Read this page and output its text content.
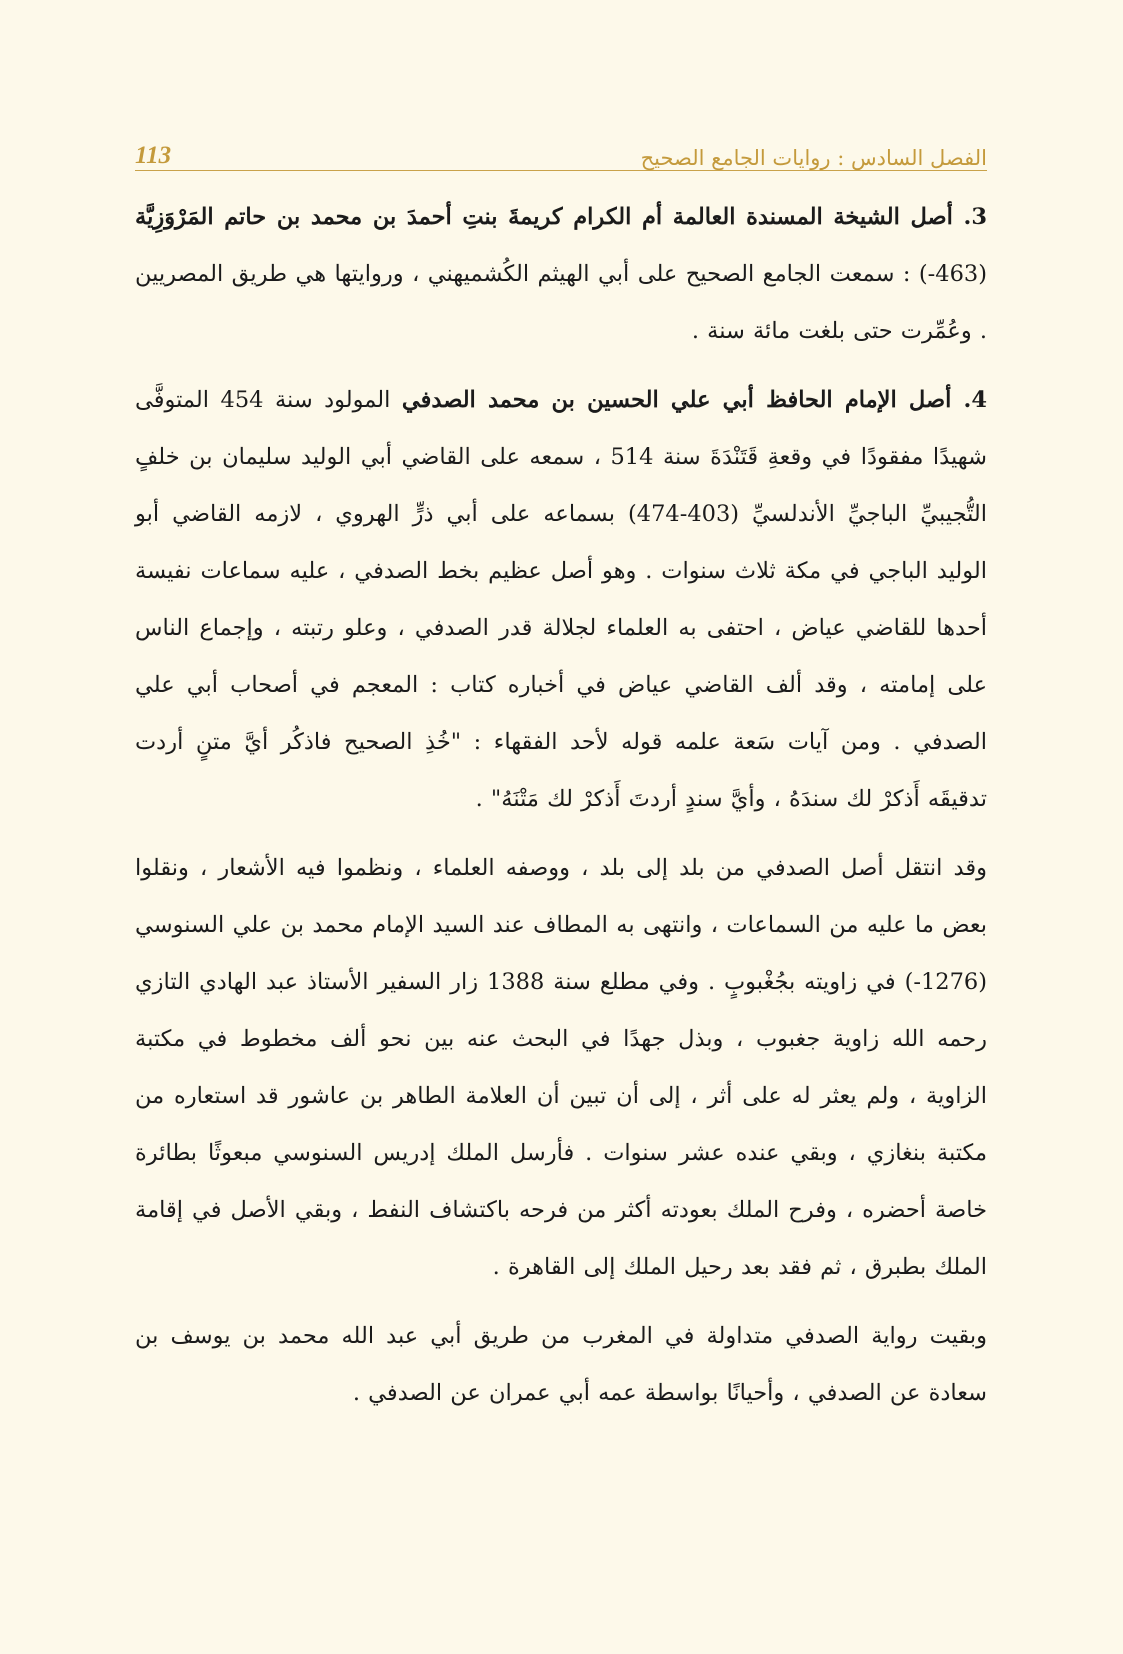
الفصل السادس : روايات الجامع الصحيح
113

3. أصل الشيخة المسندة العالمة أم الكرام كريمةَ بنتِ أحمدَ بن محمد بن حاتم المَرْوَزِيَّة (463-) : سمعت الجامع الصحيح على أبي الهيثم الكُشميهني ، وروايتها هي طريق المصريين . وعُمِّرت حتى بلغت مائة سنة .

4. أصل الإمام الحافظ أبي علي الحسين بن محمد الصدفي المولود سنة 454 المتوفَّى شهيدًا مفقودًا في وقعةِ قَتَنْدَةَ سنة 514 ، سمعه على القاضي أبي الوليد سليمان بن خلفٍ التُّجيبيِّ الباجيِّ الأندلسيِّ (403-474) بسماعه على أبي ذرٍّ الهروي ، لازمه القاضي أبو الوليد الباجي في مكة ثلاث سنوات . وهو أصل عظيم بخط الصدفي ، عليه سماعات نفيسة أحدها للقاضي عياض ، احتفى به العلماء لجلالة قدر الصدفي ، وعلو رتبته ، وإجماع الناس على إمامته ، وقد ألف القاضي عياض في أخباره كتاب : المعجم في أصحاب أبي علي الصدفي . ومن آيات سَعة علمه قوله لأحد الفقهاء : "خُذِ الصحيح فاذكُر أيَّ متنٍ أردت تدقيقَه أَذكرْ لك سندَهُ ، وأيَّ سندٍ أردتَ أَذكرْ لك مَتْنَهُ" .

وقد انتقل أصل الصدفي من بلد إلى بلد ، ووصفه العلماء ، ونظموا فيه الأشعار ، ونقلوا بعض ما عليه من السماعات ، وانتهى به المطاف عند السيد الإمام محمد بن علي السنوسي (1276-) في زاويته بجُغْبوبٍ . وفي مطلع سنة 1388 زار السفير الأستاذ عبد الهادي التازي رحمه الله زاوية جغبوب ، وبذل جهدًا في البحث عنه بين نحو ألف مخطوط في مكتبة الزاوية ، ولم يعثر له على أثر ، إلى أن تبين أن العلامة الطاهر بن عاشور قد استعاره من مكتبة بنغازي ، وبقي عنده عشر سنوات . فأرسل الملك إدريس السنوسي مبعوثًا بطائرة خاصة أحضره ، وفرح الملك بعودته أكثر من فرحه باكتشاف النفط ، وبقي الأصل في إقامة الملك بطبرق ، ثم فقد بعد رحيل الملك إلى القاهرة .

وبقيت رواية الصدفي متداولة في المغرب من طريق أبي عبد الله محمد بن يوسف بن سعادة عن الصدفي ، وأحيانًا بواسطة عمه أبي عمران عن الصدفي .
